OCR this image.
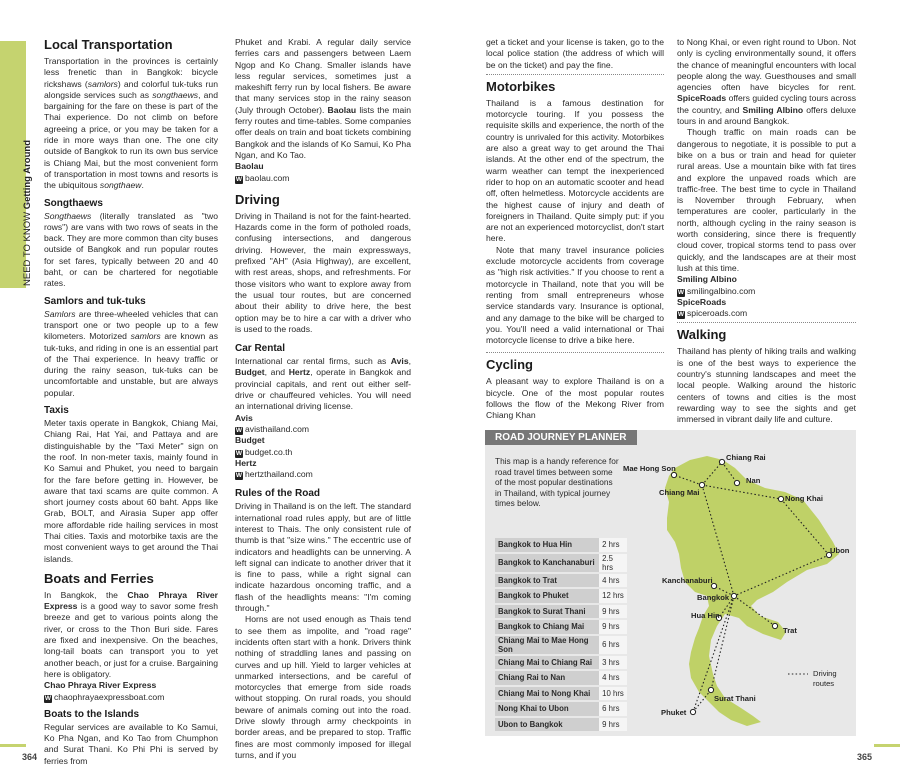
NEED TO KNOW Getting Around
Local Transportation

Transportation in the provinces is certainly less frenetic than in Bangkok: bicycle rickshaws (samlors) and colorful tuk-tuks run alongside services such as songthaews, and bargaining for the fare on these is part of the Thai experience. Do not climb on before agreeing a price, or you may be taken for a ride in more ways than one. The one city outside of Bangkok to run its own bus service is Chiang Mai, but the most convenient form of transportation in most towns and resorts is the ubiquitous songthaew.

Songthaews

Songthaews (literally translated as "two rows") are vans with two rows of seats in the back. They are more common than city buses outside of Bangkok and run popular routes for set fares, typically between 20 and 40 baht, or can be chartered for negotiable rates.

Samlors and tuk-tuks

Samlors are three-wheeled vehicles that can transport one or two people up to a few kilometers. Motorized samlors are known as tuk-tuks, and riding in one is an essential part of the Thai experience. In heavy traffic or during the rainy season, tuk-tuks can be uncomfortable and unstable, but are always popular.

Taxis

Meter taxis operate in Bangkok, Chiang Mai, Chiang Rai, Hat Yai, and Pattaya and are distinguishable by the "Taxi Meter" sign on the roof. In non-meter taxis, mainly found in Ko Samui and Phuket, you need to bargain for the fare before getting in. However, be aware that taxi scams are quite common. A short journey costs about 60 baht. Apps like Grab, BOLT, and Airasia Super app offer more affordable ride hailing services in most Thai cities. Taxis and motorbike taxis are the most convenient ways to get around the Thai islands.

Boats and Ferries

In Bangkok, the Chao Phraya River Express is a good way to savor some fresh breeze and get to various points along the river, or cross to the Thon Buri side. Fares are fixed and inexpensive. On the beaches, long-tail boats can transport you to yet another beach, or just for a cruise. Bargaining here is obligatory.

Chao Phraya River Express
W chaophrayaexpressboat.com
Boats to the Islands

Regular services are available to Ko Samui, Ko Pha Ngan, and Ko Tao from Chumphon and Surat Thani. Ko Phi Phi is served by ferries from

Phuket and Krabi. A regular daily service ferries cars and passengers between Laem Ngop and Ko Chang. Smaller islands have less regular services, sometimes just a makeshift ferry run by local fishers. Be aware that many services stop in the rainy season (July through October). Baolau lists the main ferry routes and time-tables. Some companies offer deals on train and boat tickets combining Bangkok and the islands of Ko Samui, Ko Pha Ngan, and Ko Tao.

Baolau
W baolau.com
Driving

Driving in Thailand is not for the faint-hearted. Hazards come in the form of potholed roads, confusing intersections, and dangerous driving. However, the main expressways, prefixed "AH" (Asia Highway), are excellent, with rest areas, shops, and refreshments. For those visitors who want to explore away from the usual tour routes, but are concerned about their ability to drive here, the best option may be to hire a car with a driver who is used to the roads.

Car Rental

International car rental firms, such as Avis, Budget, and Hertz, operate in Bangkok and provincial capitals, and rent out either self-drive or chauffeured vehicles. You will need an international driving license.

Avis
W avisthailand.com
Budget
W budget.co.th
Hertz
W hertzthailand.com
Rules of the Road

Driving in Thailand is on the left. The standard international road rules apply, but are of little interest to Thais. The only consistent rule of thumb is that "size wins." The eccentric use of indicators and headlights can be unnerving. A left signal can indicate to another driver that it is fine to pass, while a right signal can indicate hazardous oncoming traffic, and a flash of the headlights means: "I'm coming through."

Horns are not used enough as Thais tend to see them as impolite, and "road rage" incidents often start with a honk. Drivers think nothing of straddling lanes and passing on curves and up hill. Yield to larger vehicles at unmarked intersections, and be careful of motorcycles that emerge from side roads without stopping. On rural roads, you should beware of animals coming out into the road. Drive slowly through army checkpoints in border areas, and be prepared to stop. Traffic fines are most commonly imposed for illegal turns, and if you

get a ticket and your license is taken, go to the local police station (the address of which will be on the ticket) and pay the fine.

Motorbikes

Thailand is a famous destination for motorcycle touring. If you possess the requisite skills and experience, the north of the country is unrivaled for this activity. Motorbikes are also a great way to get around the Thai islands. At the other end of the spectrum, the warm weather can tempt the inexperienced rider to hop on an automatic scooter and head off, often helmetless. Motorcycle accidents are the highest cause of injury and death of foreigners in Thailand. Quite simply put: if you are not an experienced motorcyclist, don't start here.

Note that many travel insurance policies exclude motorcycle accidents from coverage as "high risk activities." If you choose to rent a motorcycle in Thailand, note that you will be renting from small entrepreneurs whose service standards vary. Insurance is optional, and any damage to the bike will be charged to you. You'll need a valid international or Thai motorcycle license to drive a bike here.

Cycling

A pleasant way to explore Thailand is on a bicycle. One of the most popular routes follows the flow of the Mekong River from Chiang Khan

to Nong Khai, or even right round to Ubon. Not only is cycling environmentally sound, it offers the chance of meaningful encounters with local people along the way. Guesthouses and small agencies often have bicycles for rent. SpiceRoads offers guided cycling tours across the country, and Smiling Albino offers deluxe tours in and around Bangkok.

Though traffic on main roads can be dangerous to negotiate, it is possible to put a bike on a bus or train and head for quieter rural areas. Use a mountain bike with fat tires and explore the unpaved roads which are traffic-free. The best time to cycle in Thailand is November through February, when temperatures are cooler, particularly in the north, although cycling in the rainy season is worth considering, since there is frequently cloud cover, tropical storms tend to pass over quickly, and the landscapes are at their most lush at this time.

Smiling Albino
W smilingalbino.com
SpiceRoads
W spiceroads.com
Walking

Thailand has plenty of hiking trails and walking is one of the best ways to experience the country's stunning landscapes and meet the local people. Walking around the historic centers of towns and cities is the most rewarding way to see the sights and get immersed in vibrant daily life and culture.

Chiang Rai
Mae Hong Son
Nan
Chiang Mai
Nong Khai
Ubon
Kanchanaburi
Bangkok
Hua Hin
Trat
Surat Thani
Phuket
Driving
routes
ROAD JOURNEY PLANNER
This map is a handy reference for road travel times between some of the most popular destinations in Thailand, with typical journey times below.
Bangkok to Hua Hin	2 hrs
Bangkok to Kanchanaburi	2.5 hrs
Bangkok to Trat	4 hrs
Bangkok to Phuket	12 hrs
Bangkok to Surat Thani	9 hrs
Bangkok to Chiang Mai	9 hrs
Chiang Mai to Mae Hong Son	6 hrs
Chiang Mai to Chiang Rai	3 hrs
Chiang Rai to Nan	4 hrs
Chiang Mai to Nong Khai	10 hrs
Nong Khai to Ubon	6 hrs
Ubon to Bangkok	9 hrs
364	365
